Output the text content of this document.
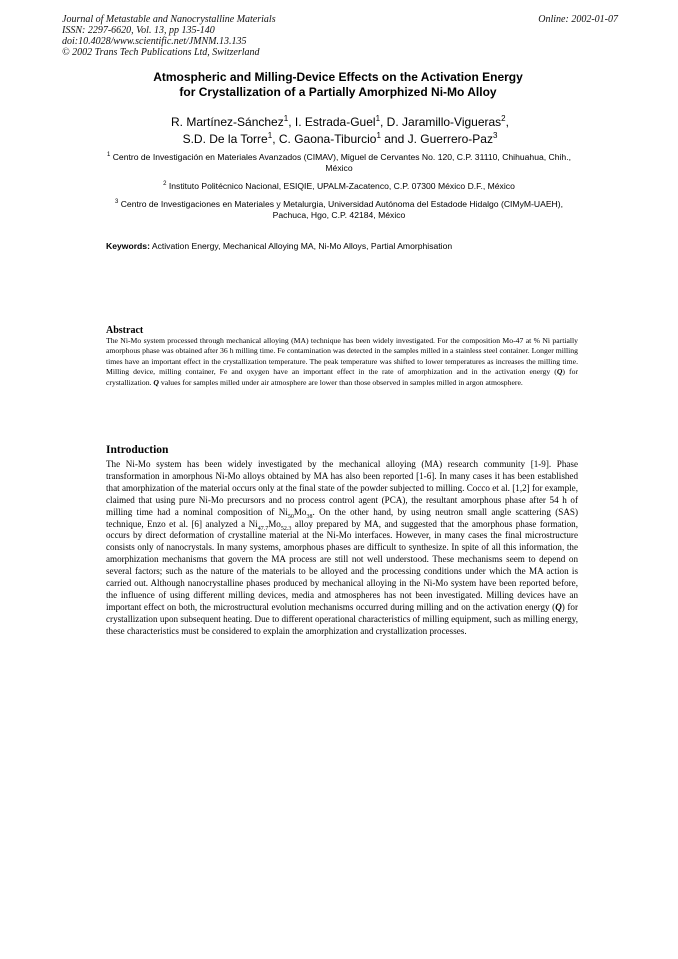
Journal of Metastable and Nanocrystalline Materials
ISSN: 2297-6620, Vol. 13, pp 135-140
doi:10.4028/www.scientific.net/JMNM.13.135
© 2002 Trans Tech Publications Ltd, Switzerland
Online: 2002-01-07
Atmospheric and Milling-Device Effects on the Activation Energy
for Crystallization of a Partially Amorphized Ni-Mo Alloy
R. Martínez-Sánchez$^1$, I. Estrada-Guel$^1$, D. Jaramillo-Vigueras$^2$,
S.D. De la Torre$^1$, C. Gaona-Tiburcio$^1$ and J. Guerrero-Paz$^3$
$^1$ Centro de Investigación en Materiales Avanzados (CIMAV), Miguel de Cervantes No. 120, C.P. 31110, Chihuahua, Chih., México
$^2$ Instituto Politécnico Nacional, ESIQIE, UPALM-Zacatenco, C.P. 07300 México D.F., México
$^3$ Centro de Investigaciones en Materiales y Metalurgia, Universidad Autónoma del Estadode Hidalgo (CIMyM-UAEH), Pachuca, Hgo, C.P. 42184, México
Keywords: Activation Energy, Mechanical Alloying MA, Ni-Mo Alloys, Partial Amorphisation
Abstract
The Ni-Mo system processed through mechanical alloying (MA) technique has been widely investigated. For the composition Mo-47 at % Ni partially amorphous phase was obtained after 36 h milling time. Fe contamination was detected in the samples milled in a stainless steel container. Longer milling times have an important effect in the crystallization temperature. The peak temperature was shifted to lower temperatures as increases the milling time. Milling device, milling container, Fe and oxygen have an important effect in the rate of amorphization and in the activation energy (Q) for crystallization. Q values for samples milled under air atmosphere are lower than those observed in samples milled in argon atmosphere.
Introduction
The Ni-Mo system has been widely investigated by the mechanical alloying (MA) research community [1-9]. Phase transformation in amorphous Ni-Mo alloys obtained by MA has also been reported [1-6]. In many cases it has been established that amorphization of the material occurs only at the final state of the powder subjected to milling. Cocco et al. [1,2] for example, claimed that using pure Ni-Mo precursors and no process control agent (PCA), the resultant amorphous phase after 54 h of milling time had a nominal composition of $Ni_{50}Mo_{38}$. On the other hand, by using neutron small angle scattering (SAS) technique, Enzo et al. [6] analyzed a $Ni_{47.7}Mo_{52.3}$ alloy prepared by MA, and suggested that the amorphous phase formation, occurs by direct deformation of crystalline material at the Ni-Mo interfaces. However, in many cases the final microstructure consists only of nanocrystals. In many systems, amorphous phases are difficult to synthesize. In spite of all this information, the amorphization mechanisms that govern the MA process are still not well understood. These mechanisms seem to depend on several factors; such as the nature of the materials to be alloyed and the processing conditions under which the MA action is carried out. Although nanocrystalline phases produced by mechanical alloying in the Ni-Mo system have been reported before, the influence of using different milling devices, media and atmospheres has not been investigated. Milling devices have an important effect on both, the microstructural evolution mechanisms occurred during milling and on the activation energy (Q) for crystallization upon subsequent heating. Due to different operational characteristics of milling equipment, such as milling energy, these characteristics must be considered to explain the amorphization and crystallization processes.
